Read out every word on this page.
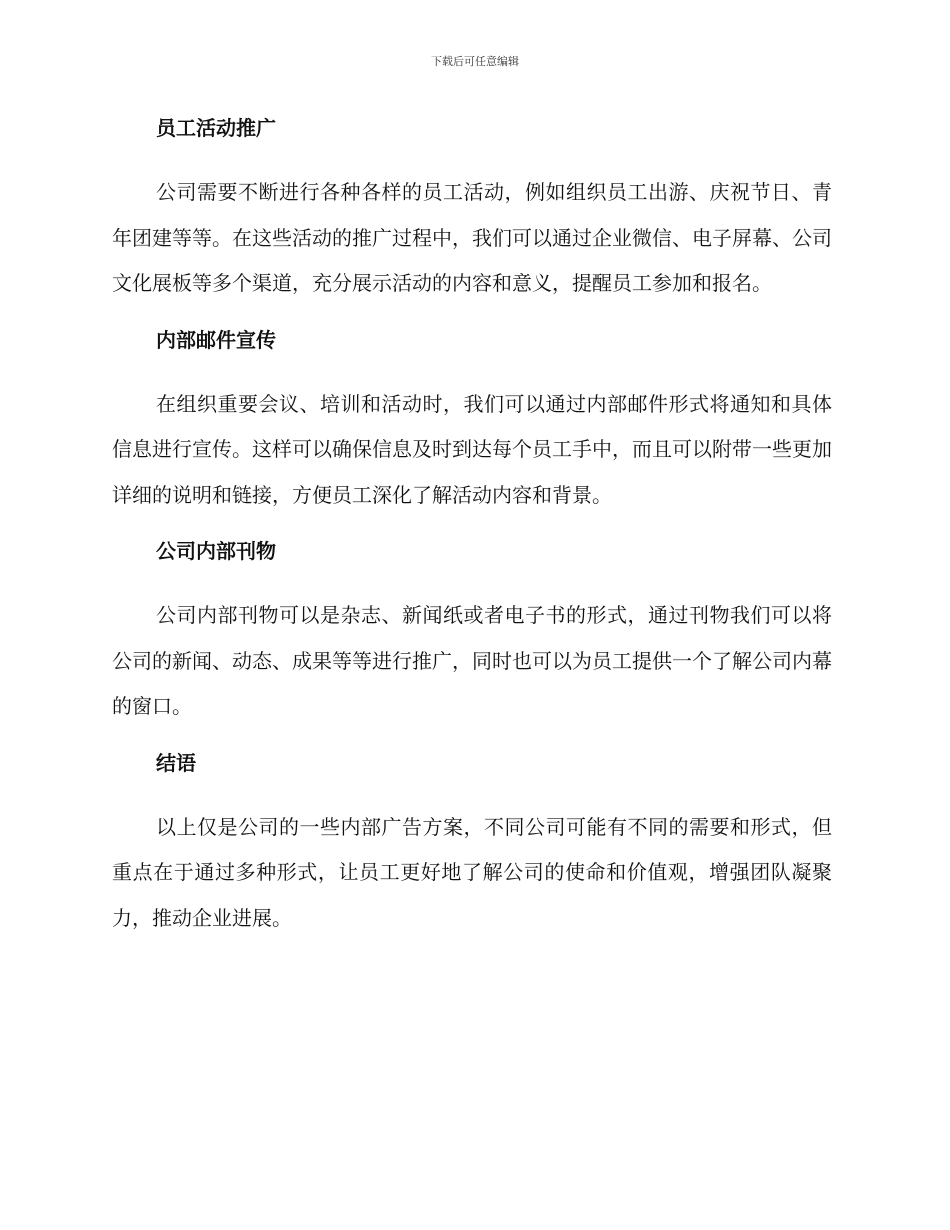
下载后可任意编辑
员工活动推广

公司需要不断进行各种各样的员工活动，例如组织员工出游、庆祝节日、青年团建等等。在这些活动的推广过程中，我们可以通过企业微信、电子屏幕、公司文化展板等多个渠道，充分展示活动的内容和意义，提醒员工参加和报名。

内部邮件宣传

在组织重要会议、培训和活动时，我们可以通过内部邮件形式将通知和具体信息进行宣传。这样可以确保信息及时到达每个员工手中，而且可以附带一些更加详细的说明和链接，方便员工深化了解活动内容和背景。

公司内部刊物

公司内部刊物可以是杂志、新闻纸或者电子书的形式，通过刊物我们可以将公司的新闻、动态、成果等等进行推广，同时也可以为员工提供一个了解公司内幕的窗口。

结语

以上仅是公司的一些内部广告方案，不同公司可能有不同的需要和形式，但重点在于通过多种形式，让员工更好地了解公司的使命和价值观，增强团队凝聚力，推动企业进展。
